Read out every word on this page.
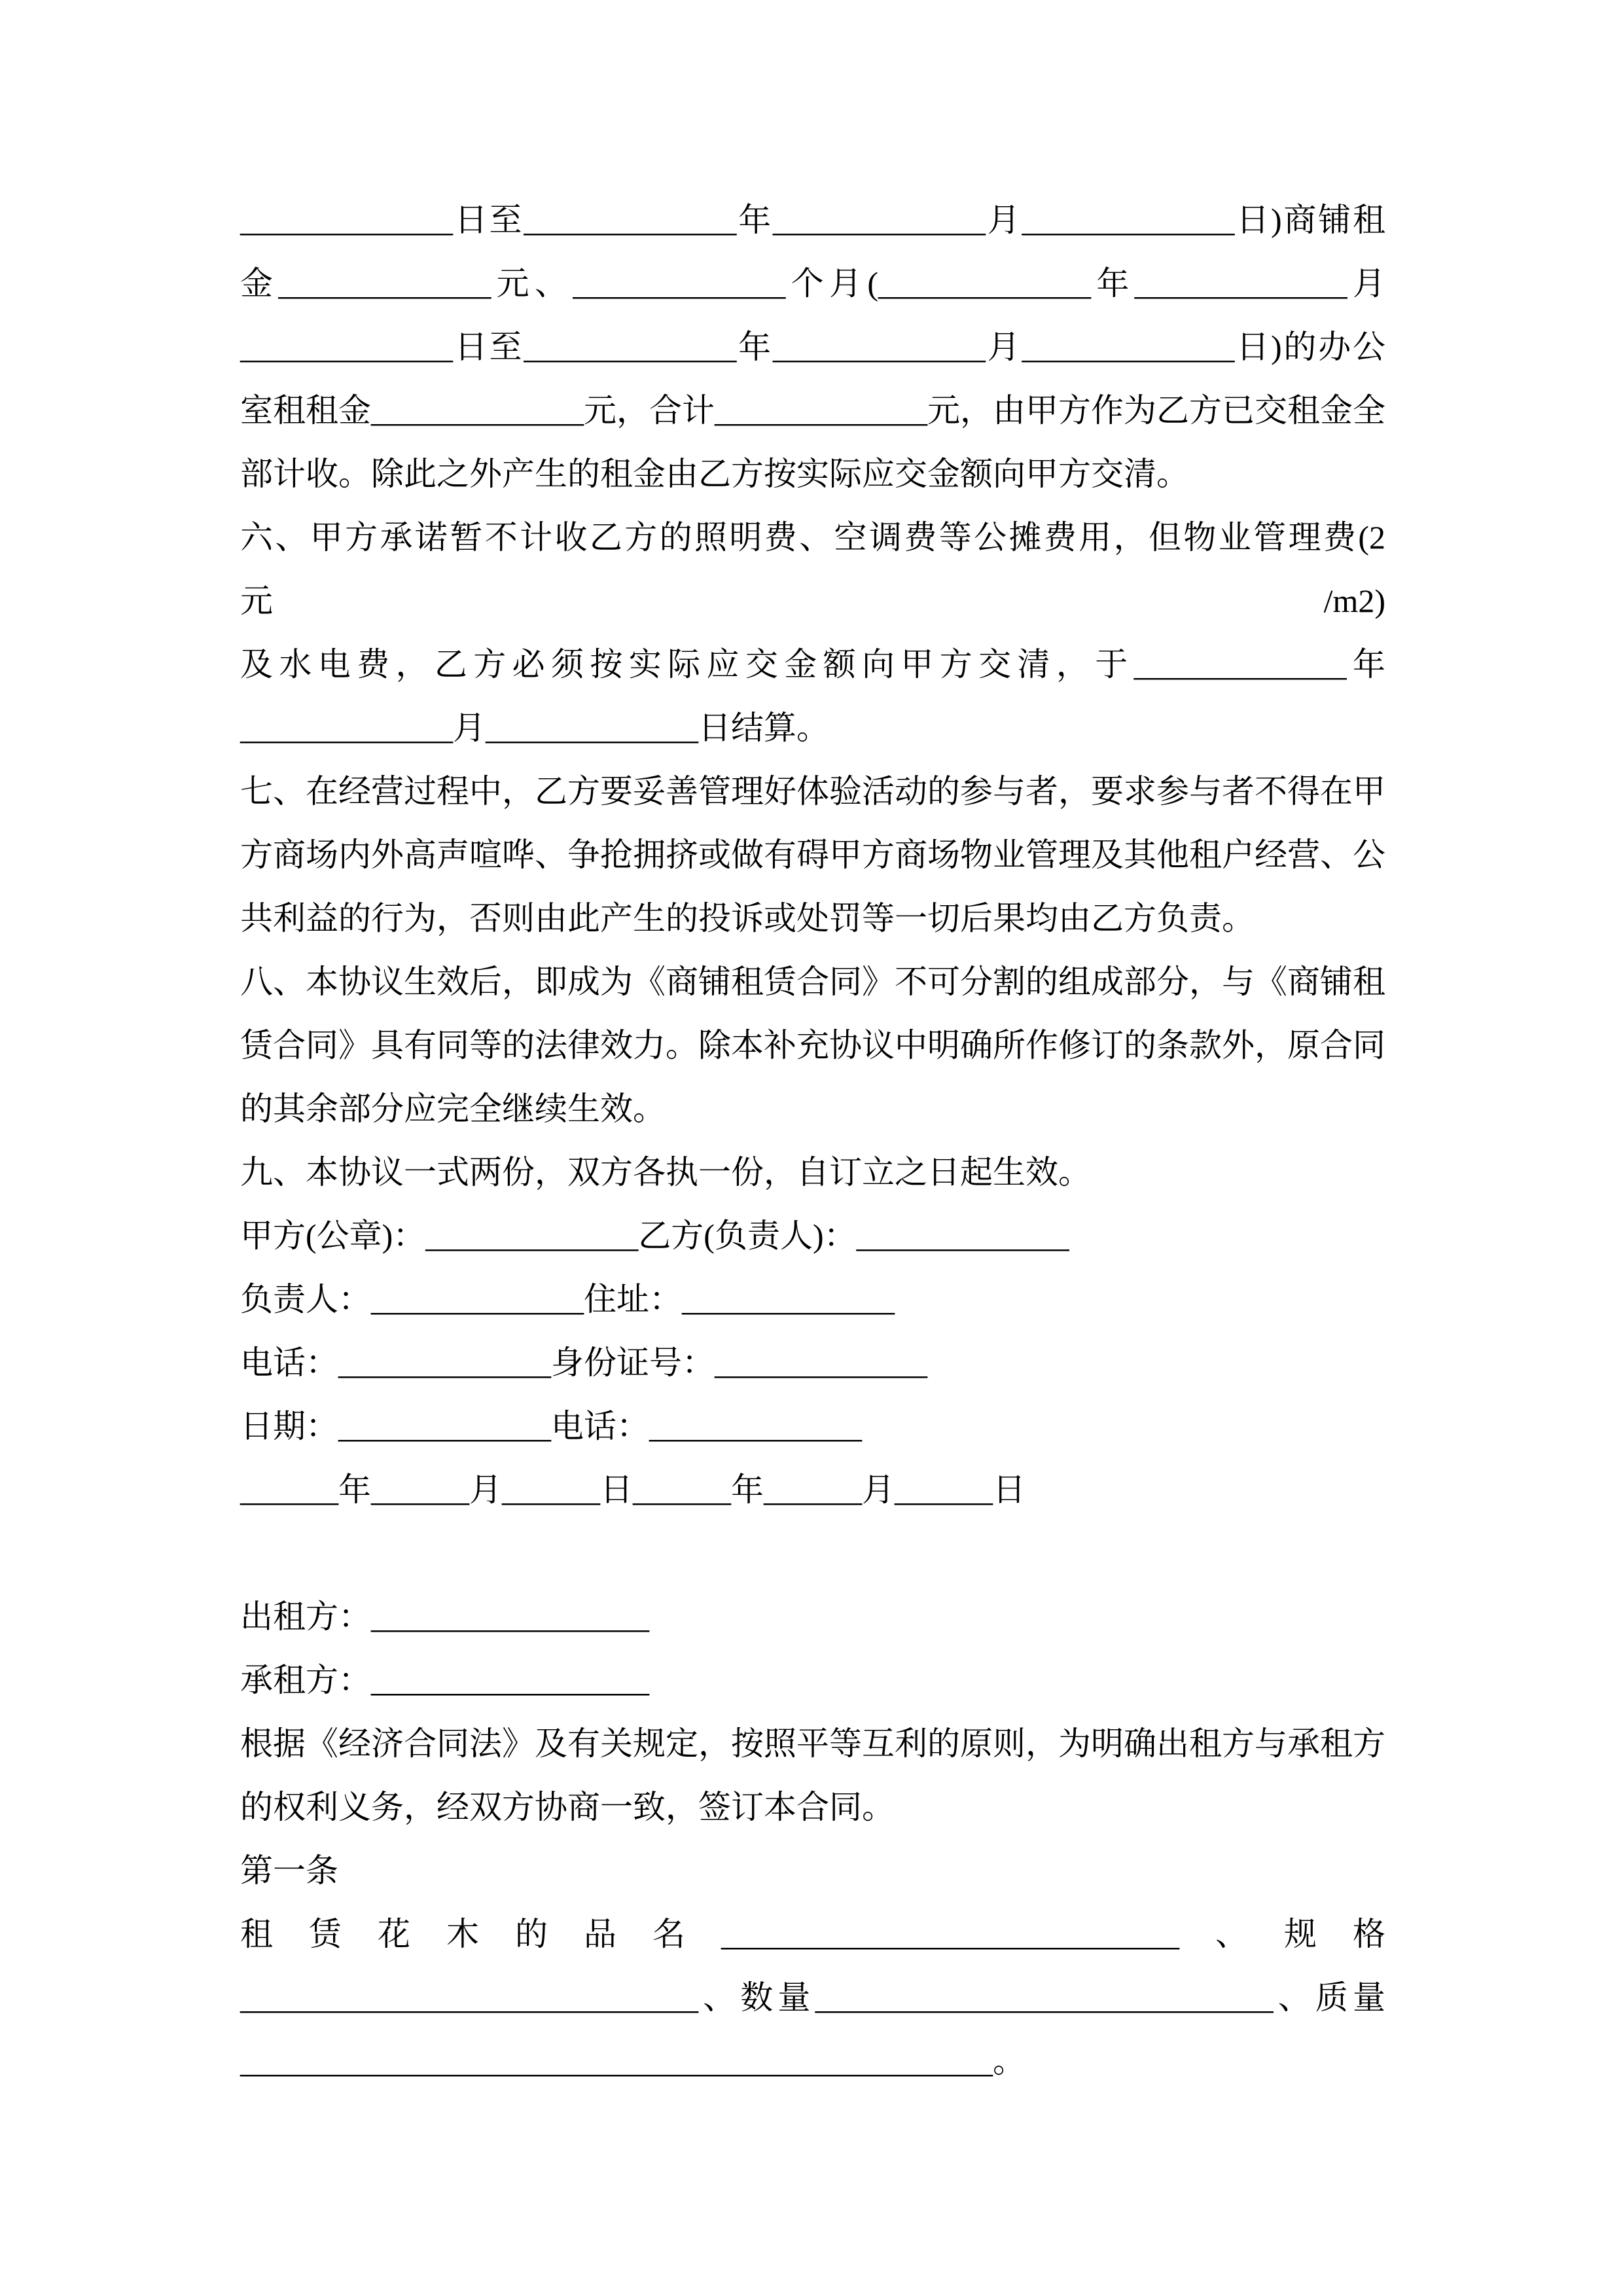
_____________日至_____________年_____________月_____________日)商铺租

金_____________元、_____________个月(_____________年_____________月

_____________日至_____________年_____________月_____________日)的办公

室租租金_____________元，合计_____________元，由甲方作为乙方已交租金全

部计收。除此之外产生的租金由乙方按实际应交金额向甲方交清。

六、甲方承诺暂不计收乙方的照明费、空调费等公摊费用，但物业管理费(2 元/m2)

及水电费，乙方必须按实际应交金额向甲方交清，于_____________年

_____________月_____________日结算。

七、在经营过程中，乙方要妥善管理好体验活动的参与者，要求参与者不得在甲

方商场内外高声喧哗、争抢拥挤或做有碍甲方商场物业管理及其他租户经营、公

共利益的行为，否则由此产生的投诉或处罚等一切后果均由乙方负责。

八、本协议生效后，即成为《商铺租赁合同》不可分割的组成部分，与《商铺租

赁合同》具有同等的法律效力。除本补充协议中明确所作修订的条款外，原合同

的其余部分应完全继续生效。

九、本协议一式两份，双方各执一份，自订立之日起生效。

甲方(公章)：_____________乙方(负责人)：_____________

负责人：_____________住址：_____________

电话：_____________身份证号：_____________

日期：_____________电话：_____________

______年______月______日______年______月______日

出租方：_________________

承租方：_________________

根据《经济合同法》及有关规定，按照平等互利的原则，为明确出租方与承租方

的权利义务，经双方协商一致，签订本合同。

第一条

租赁花木的品名____________________________、规格

____________________________、数量____________________________、质量

______________________________________________。
